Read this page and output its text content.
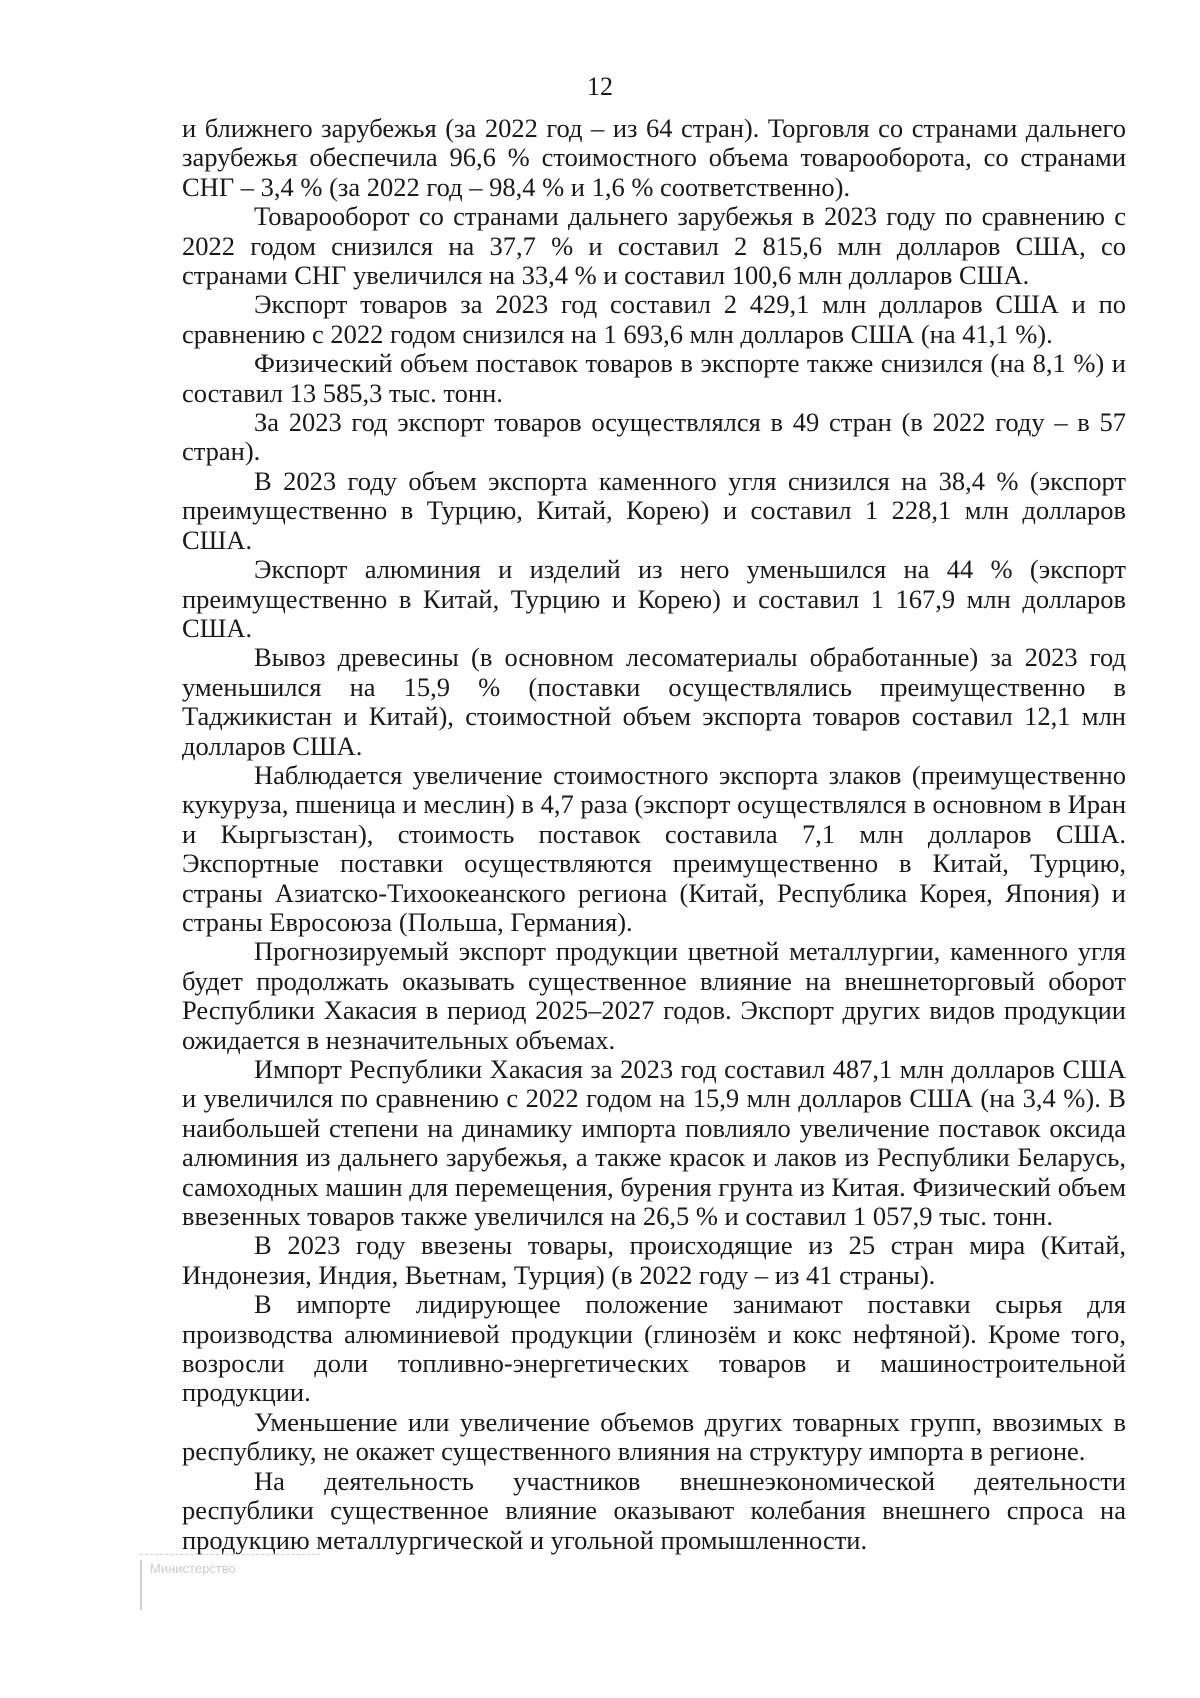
12

и ближнего зарубежья (за 2022 год – из 64 стран). Торговля со странами дальнего зарубежья обеспечила 96,6 % стоимостного объема товарооборота, со странами СНГ – 3,4 % (за 2022 год – 98,4 % и 1,6 % соответственно).

Товарооборот со странами дальнего зарубежья в 2023 году по сравнению с 2022 годом снизился на 37,7 % и составил 2 815,6 млн долларов США, со странами СНГ увеличился на 33,4 % и составил 100,6 млн долларов США.

Экспорт товаров за 2023 год составил 2 429,1 млн долларов США и по сравнению с 2022 годом снизился на 1 693,6 млн долларов США (на 41,1 %).

Физический объем поставок товаров в экспорте также снизился (на 8,1 %) и составил 13 585,3 тыс. тонн.

За 2023 год экспорт товаров осуществлялся в 49 стран (в 2022 году – в 57 стран).

В 2023 году объем экспорта каменного угля снизился на 38,4 % (экспорт преимущественно в Турцию, Китай, Корею) и составил 1 228,1 млн долларов США.

Экспорт алюминия и изделий из него уменьшился на 44 % (экспорт преимущественно в Китай, Турцию и Корею) и составил 1 167,9 млн долларов США.

Вывоз древесины (в основном лесоматериалы обработанные) за 2023 год уменьшился на 15,9 % (поставки осуществлялись преимущественно в Таджикистан и Китай), стоимостной объем экспорта товаров составил 12,1 млн долларов США.

Наблюдается увеличение стоимостного экспорта злаков (преимущественно кукуруза, пшеница и меслин) в 4,7 раза (экспорт осуществлялся в основном в Иран и Кыргызстан), стоимость поставок составила 7,1 млн долларов США. Экспортные поставки осуществляются преимущественно в Китай, Турцию, страны Азиатско-Тихоокеанского региона (Китай, Республика Корея, Япония) и страны Евросоюза (Польша, Германия).

Прогнозируемый экспорт продукции цветной металлургии, каменного угля будет продолжать оказывать существенное влияние на внешнеторговый оборот Республики Хакасия в период 2025–2027 годов. Экспорт других видов продукции ожидается в незначительных объемах.

Импорт Республики Хакасия за 2023 год составил 487,1 млн долларов США и увеличился по сравнению с 2022 годом на 15,9 млн долларов США (на 3,4 %). В наибольшей степени на динамику импорта повлияло увеличение поставок оксида алюминия из дальнего зарубежья, а также красок и лаков из Республики Беларусь, самоходных машин для перемещения, бурения грунта из Китая. Физический объем ввезенных товаров также увеличился на 26,5 % и составил 1 057,9 тыс. тонн.

В 2023 году ввезены товары, происходящие из 25 стран мира (Китай, Индонезия, Индия, Вьетнам, Турция) (в 2022 году – из 41 страны).

В импорте лидирующее положение занимают поставки сырья для производства алюминиевой продукции (глинозём и кокс нефтяной). Кроме того, возросли доли топливно-энергетических товаров и машиностроительной продукции.

Уменьшение или увеличение объемов других товарных групп, ввозимых в республику, не окажет существенного влияния на структуру импорта в регионе.

На деятельность участников внешнеэкономической деятельности республики существенное влияние оказывают колебания внешнего спроса на продукцию металлургической и угольной промышленности.

Министерство
